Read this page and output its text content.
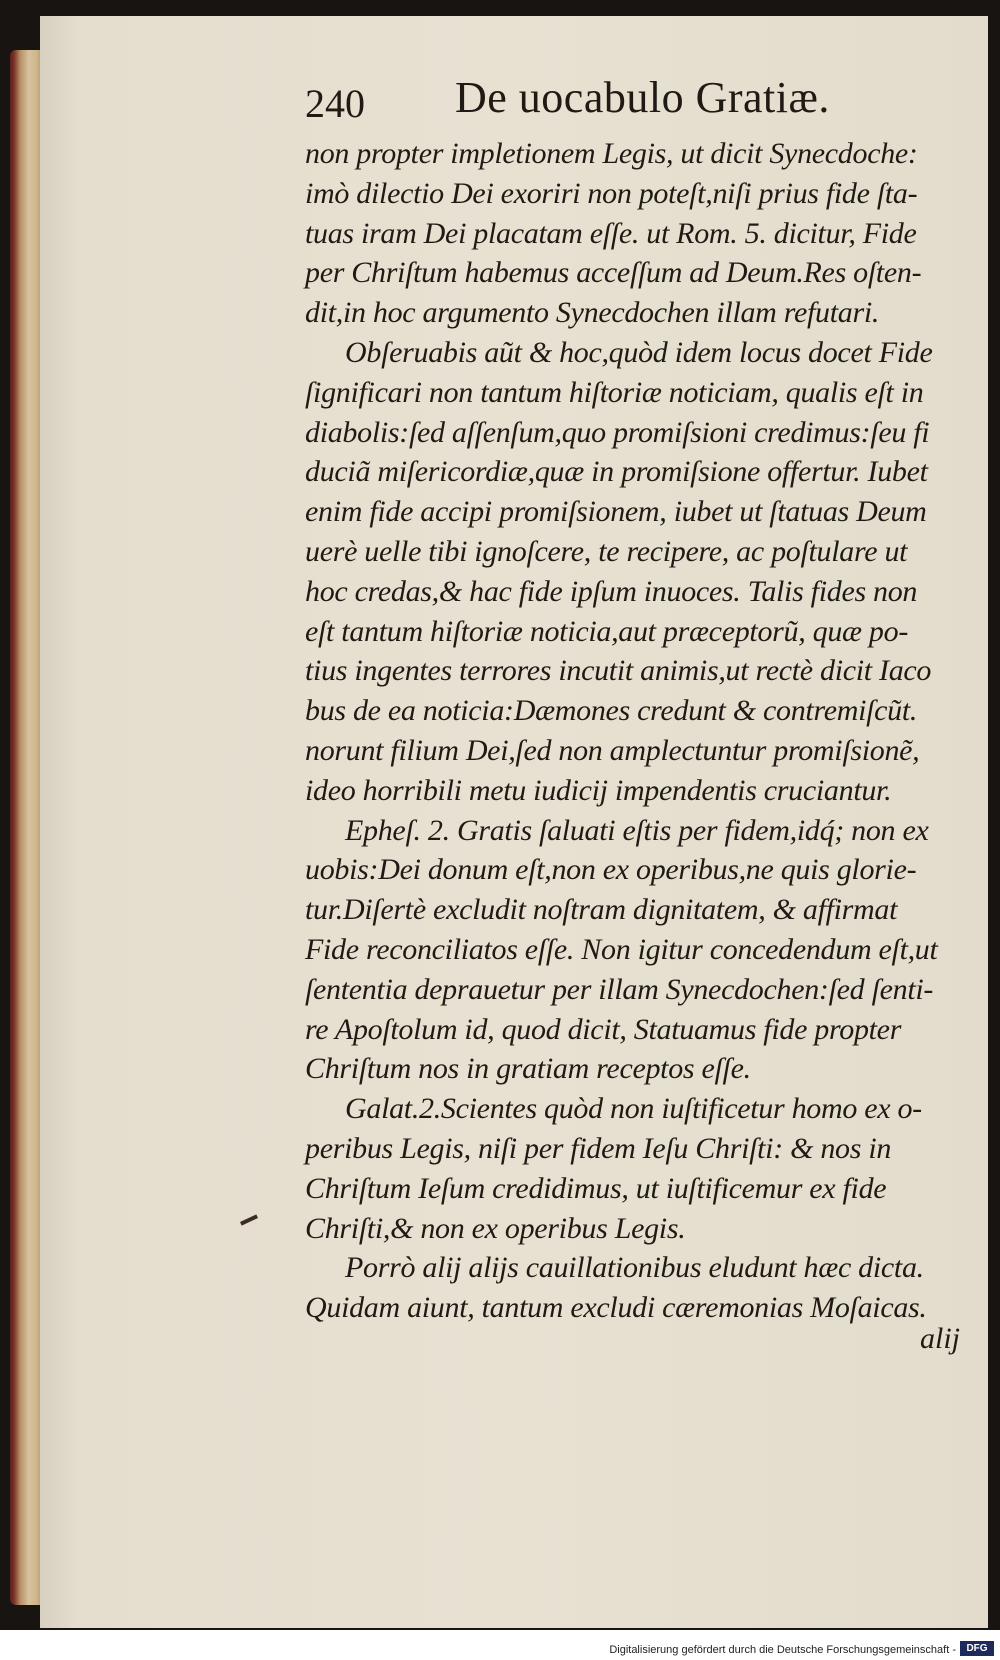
240 De uocabulo Gratiæ.
non propter impletionem Legis, ut dicit Synecdoche:
imò dilectio Dei exoriri non poteſt,niſi prius fide ſta-
tuas iram Dei placatam eſſe. ut Rom. 5. dicitur, Fide
per Chriſtum habemus acceſſum ad Deum.Res oſten-
dit,in hoc argumento Synecdochen illam refutari.
Obſeruabis aũt & hoc,quòd idem locus docet Fide
ſignificari non tantum hiſtoriæ noticiam, qualis eſt in
diabolis:ſed aſſenſum,quo promiſsioni credimus:ſeu fi
duciã miſericordiæ,quæ in promiſsione offertur. Iubet
enim fide accipi promiſsionem, iubet ut ſtatuas Deum
uerè uelle tibi ignoſcere, te recipere, ac poſtulare ut
hoc credas,& hac fide ipſum inuoces. Talis fides non
eſt tantum hiſtoriæ noticia,aut præceptorũ, quæ po-
tius ingentes terrores incutit animis,ut rectè dicit Iaco
bus de ea noticia:Dæmones credunt & contremiſcũt.
norunt filium Dei,ſed non amplectuntur promiſsionẽ,
ideo horribili metu iudicij impendentis cruciantur.
Epheſ. 2. Gratis ſaluati eſtis per fidem,idq́; non ex
uobis:Dei donum eſt,non ex operibus,ne quis glorie-
tur.Diſertè excludit noſtram dignitatem, & affirmat
Fide reconciliatos eſſe. Non igitur concedendum eſt,ut
ſententia deprauetur per illam Synecdochen:ſed ſenti-
re Apoſtolum id, quod dicit, Statuamus fide propter
Chriſtum nos in gratiam receptos eſſe.
Galat.2.Scientes quòd non iuſtificetur homo ex o-
peribus Legis, niſi per fidem Ieſu Chriſti: & nos in
Chriſtum Ieſum credidimus, ut iuſtificemur ex fide
Chriſti,& non ex operibus Legis.
Porrò alij alijs cauillationibus eludunt hæc dicta.
Quidam aiunt, tantum excludi cæremonias Moſaicas.
alij
Digitalisierung gefördert durch die Deutsche Forschungsgemeinschaft -	DFG
